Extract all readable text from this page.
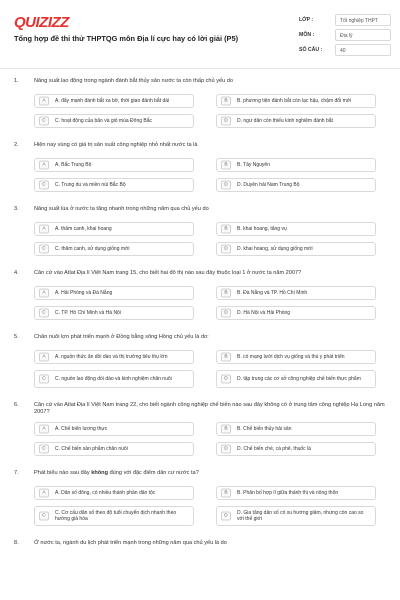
QUIZIZZ
Tổng hợp đề thi thử THPTQG môn Địa lí cực hay có lời giải (P5)
LỚP :	Tốt nghiệp THPT
MÔN :	Địa lý
SỐ CÂU :	40
1.	Năng suất lao động trong ngành đánh bắt thủy sản nước ta còn thấp chủ yếu do
A	A. đẩy mạnh đánh bắt xa bờ, thời gian đánh bắt dài	B	B. phương tiện đánh bắt còn lạc hậu, chậm đổi mới
C	C. hoạt động của bão và gió mùa Đông Bắc	D	D. ngư dân còn thiếu kinh nghiệm đánh bắt
2.	Hiện nay vùng có giá trị sản xuất công nghiệp nhỏ nhất nước ta là
A	A. Bắc Trung Bộ	B	B. Tây Nguyên
C	C. Trung du và miền núi Bắc Bộ	D	D. Duyên hải Nam Trung Bộ
3.	Năng suất lúa ở nước ta tăng nhanh trong những năm qua chủ yếu do
A	A. thâm canh, khai hoang	B	B. khai hoang, tăng vụ
C	C. thâm canh, sử dụng giống mới	D	D. khai hoang, sử dụng giống mới
4.	Căn cứ vào Atlat Địa lí Việt Nam trang 15, cho biết hai đô thị nào sau đây thuộc loại 1 ở nước ta năm 2007?
A	A. Hải Phòng và Đà Nẵng	B	B. Đà Nẵng và TP. Hồ Chí Minh
C	C. TP. Hồ Chí Minh và Hà Nội	D	D. Hà Nội và Hải Phòng
5.	Chăn nuôi lợn phát triển mạnh ở Đồng bằng sông Hồng chủ yếu là do:
A	A. nguồn thức ăn dồi dào và thị trường tiêu thụ lớn	B	B. có mạng lưới dịch vụ giống và thú y phát triển
C	C. nguồn lao động dồi dào và kinh nghiệm chăn nuôi	D	D. tập trung các cơ sở công nghiệp chế biến thực phẩm
6.	Căn cứ vào Atlat Địa lí Việt Nam trang 22, cho biết ngành công nghiệp chế biến nào sau đây không có ở trung tâm công nghiệp Hạ Long năm 2007?
A	A. Chế biến lương thực	B	B. Chế biến thủy hải sản
C	C. Chế biến sản phẩm chăn nuôi	D	D. Chế biến chè, cà phê, thuốc lá
7.	Phát biểu nào sau đây không đúng với đặc điểm dân cư nước ta?
A	A. Dân số đông, có nhiều thành phần dân tộc	B	B. Phân bố hợp lí giữa thành thị và nông thôn
C	C. Cơ cấu dân số theo độ tuổi chuyển dịch nhanh theo hướng già hóa	D	D. Gia tăng dân số có xu hướng giảm, nhưng còn cao so với thế giới
8.	Ở nước ta, ngành du lịch phát triển mạnh trong những năm qua chủ yếu là do
